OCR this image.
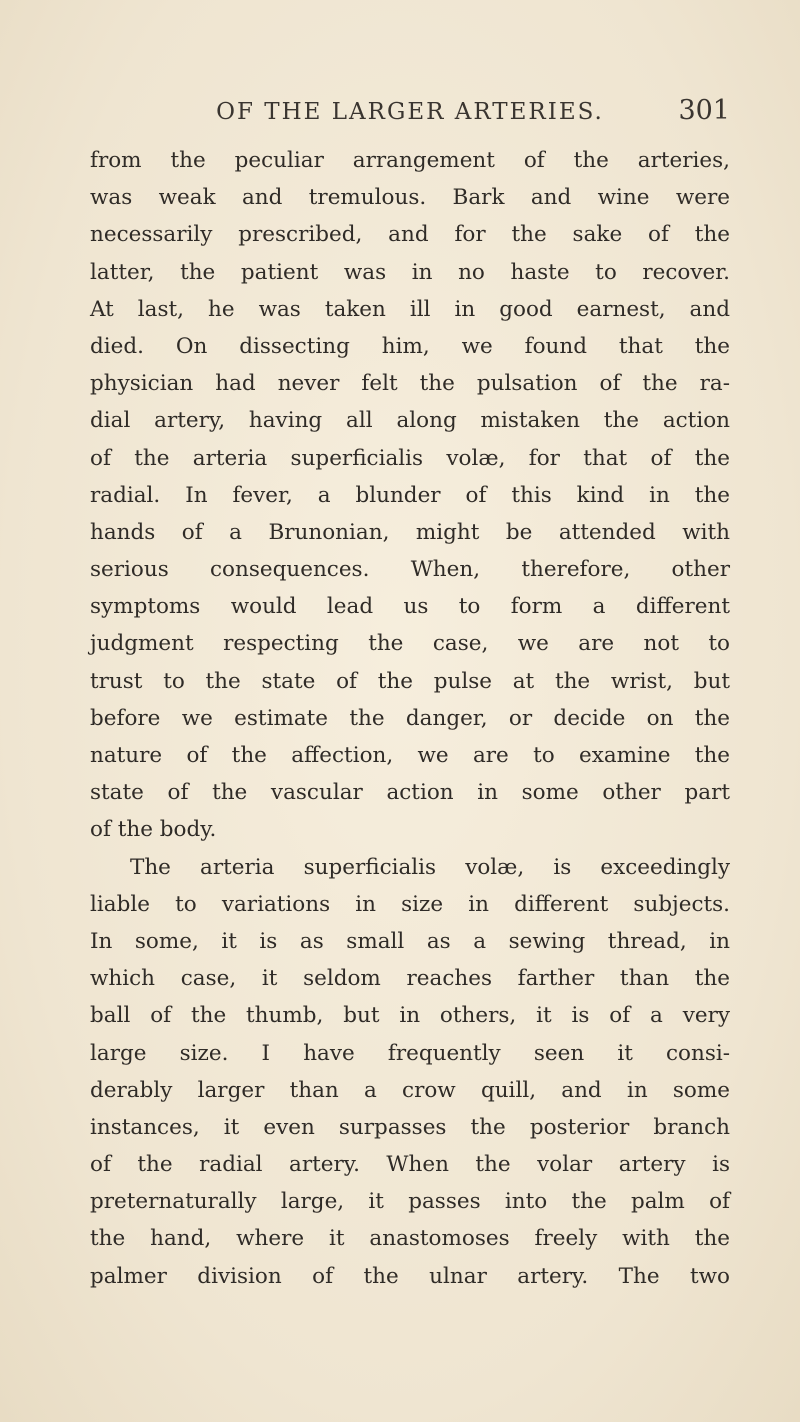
OF THE LARGER ARTERIES.	301
from the peculiar arrangement of the arteries,
was weak and tremulous. Bark and wine were
necessarily prescribed, and for the sake of the
latter, the patient was in no haste to recover.
At last, he was taken ill in good earnest, and
died. On dissecting him, we found that the
physician had never felt the pulsation of the ra-
dial artery, having all along mistaken the action
of the arteria superficialis volæ, for that of the
radial. In fever, a blunder of this kind in the
hands of a Brunonian, might be attended with
serious consequences. When, therefore, other
symptoms would lead us to form a different
judgment respecting the case, we are not to
trust to the state of the pulse at the wrist, but
before we estimate the danger, or decide on the
nature of the affection, we are to examine the
state of the vascular action in some other part
of the body.
The arteria superficialis volæ, is exceedingly
liable to variations in size in different subjects.
In some, it is as small as a sewing thread, in
which case, it seldom reaches farther than the
ball of the thumb, but in others, it is of a very
large size. I have frequently seen it consi-
derably larger than a crow quill, and in some
instances, it even surpasses the posterior branch
of the radial artery. When the volar artery is
preternaturally large, it passes into the palm of
the hand, where it anastomoses freely with the
palmer division of the ulnar artery. The two
